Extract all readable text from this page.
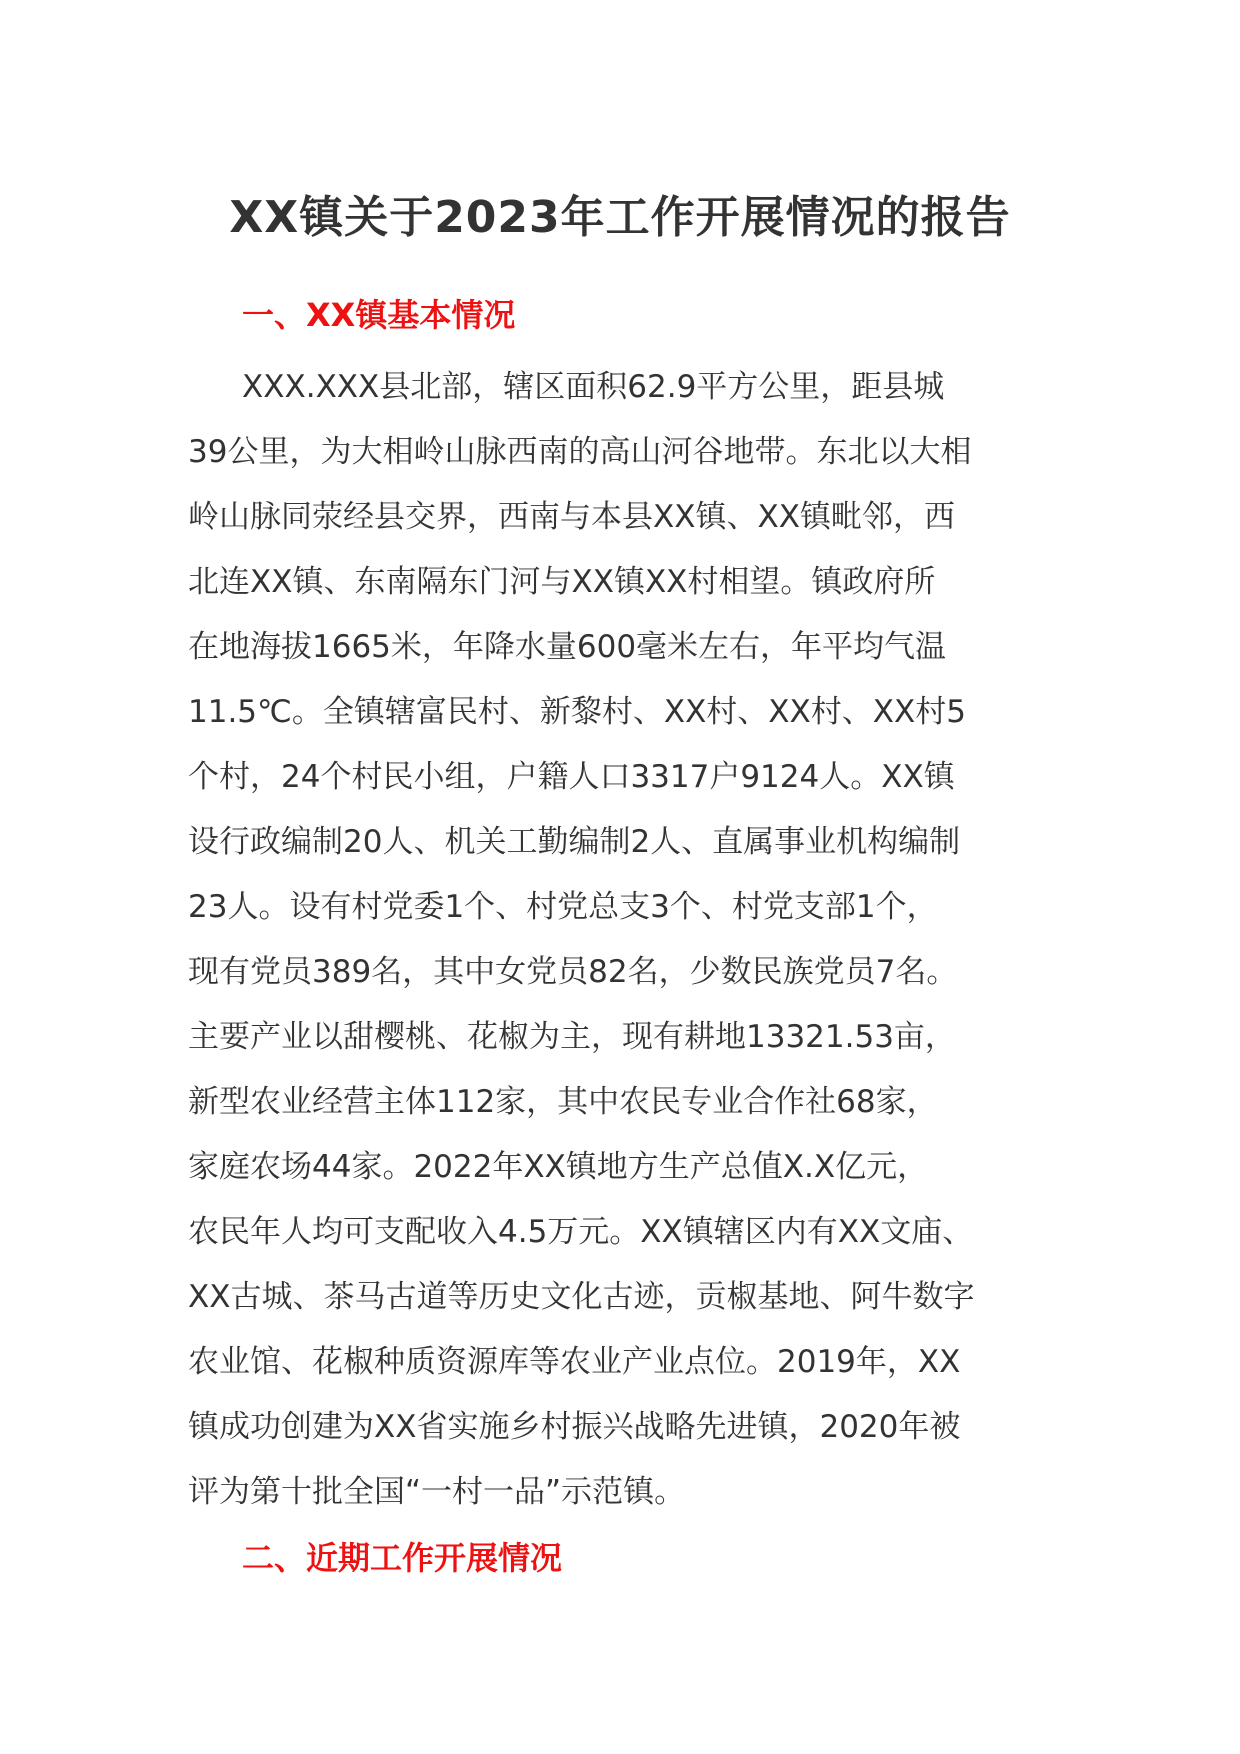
XX镇关于2023年工作开展情况的报告
一、XX镇基本情况

XXX.XXX县北部，辖区面积62.9平方公里，距县城

39公里，为大相岭山脉西南的高山河谷地带。东北以大相

岭山脉同荥经县交界，西南与本县XX镇、XX镇毗邻，西

北连XX镇、东南隔东门河与XX镇XX村相望。镇政府所

在地海拔1665米，年降水量600毫米左右，年平均气温

11.5℃。全镇辖富民村、新黎村、XX村、XX村、XX村5

个村，24个村民小组，户籍人口3317户9124人。XX镇

设行政编制20人、机关工勤编制2人、直属事业机构编制

23人。设有村党委1个、村党总支3个、村党支部1个，

现有党员389名，其中女党员82名，少数民族党员7名。

主要产业以甜樱桃、花椒为主，现有耕地13321.53亩，

新型农业经营主体112家，其中农民专业合作社68家，

家庭农场44家。2022年XX镇地方生产总值X.X亿元，

农民年人均可支配收入4.5万元。XX镇辖区内有XX文庙、

XX古城、茶马古道等历史文化古迹，贡椒基地、阿牛数字

农业馆、花椒种质资源库等农业产业点位。2019年，XX

镇成功创建为XX省实施乡村振兴战略先进镇，2020年被

评为第十批全国“一村一品”示范镇。

二、近期工作开展情况
